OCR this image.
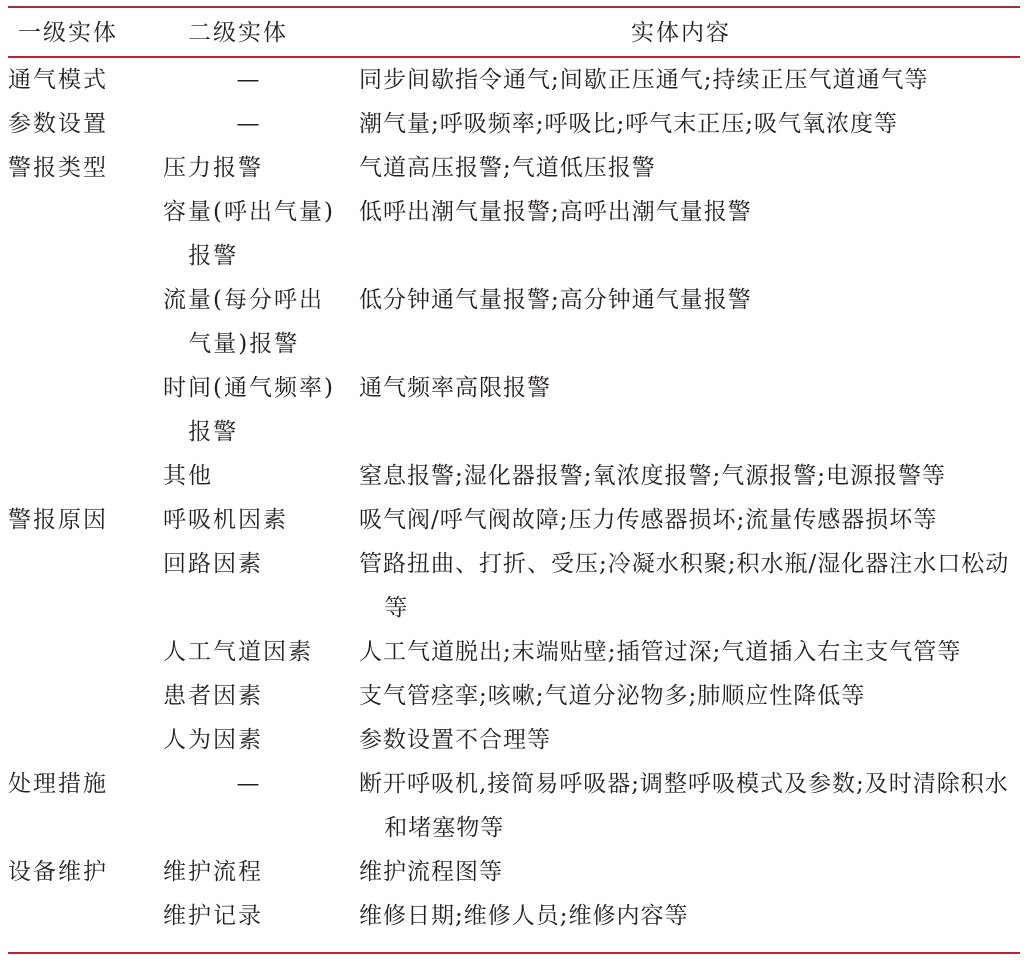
一级实体	二级实体	实体内容
通气模式	—	同步间歇指令通气;间歇正压通气;持续正压气道通气等

参数设置	—	潮气量;呼吸频率;呼吸比;呼气末正压;吸气氧浓度等

警报类型	压力报警	气道高压报警;气道低压报警

	容量(呼出气量)报警	低呼出潮气量报警;高呼出潮气量报警

	流量(每分呼出气量)报警	低分钟通气量报警;高分钟通气量报警

	时间(通气频率)报警	通气频率高限报警

	其他	窒息报警;湿化器报警;氧浓度报警;气源报警;电源报警等

警报原因	呼吸机因素	吸气阀/呼气阀故障;压力传感器损坏;流量传感器损坏等

	回路因素	管路扭曲、打折、受压;冷凝水积聚;积水瓶/湿化器注水口松动等

	人工气道因素	人工气道脱出;末端贴壁;插管过深;气道插入右主支气管等

	患者因素	支气管痉挛;咳嗽;气道分泌物多;肺顺应性降低等

	人为因素	参数设置不合理等

处理措施	—	断开呼吸机,接简易呼吸器;调整呼吸模式及参数;及时清除积水和堵塞物等

设备维护	维护流程	维护流程图等

	维护记录	维修日期;维修人员;维修内容等
